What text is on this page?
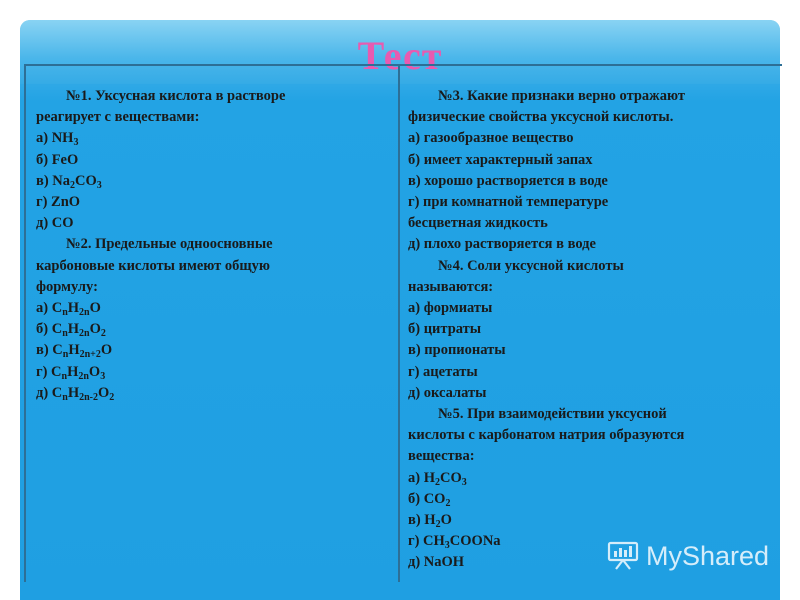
Тест
№1. Уксусная кислота в растворе
реагирует с веществами:
а) $NH_3$
б) FeO
в) $Na_2CO_3$
г) ZnO
д) CO
№2. Предельные одноосновные
карбоновые кислоты имеют общую
формулу:
а) $C_nH_{2n}O$
б) $C_nH_{2n}O_2$
в) $C_nH_{2n+2}O$
г) $C_nH_{2n}O_3$
д) $C_nH_{2n-2}O_2$
№3. Какие признаки верно отражают
физические свойства уксусной кислоты.
а) газообразное вещество
б) имеет характерный запах
в) хорошо растворяется в воде
г) при комнатной температуре
бесцветная жидкость
д) плохо растворяется в воде
№4. Соли уксусной кислоты
называются:
а) формиаты
б) цитраты
в) пропионаты
г) ацетаты
д) оксалаты
№5. При взаимодействии уксусной
кислоты с карбонатом натрия образуются
вещества:
а) $H_2CO_3$
б) $CO_2$
в) $H_2O$
г) $CH_3COONa$
д) NaOH	MyShared
